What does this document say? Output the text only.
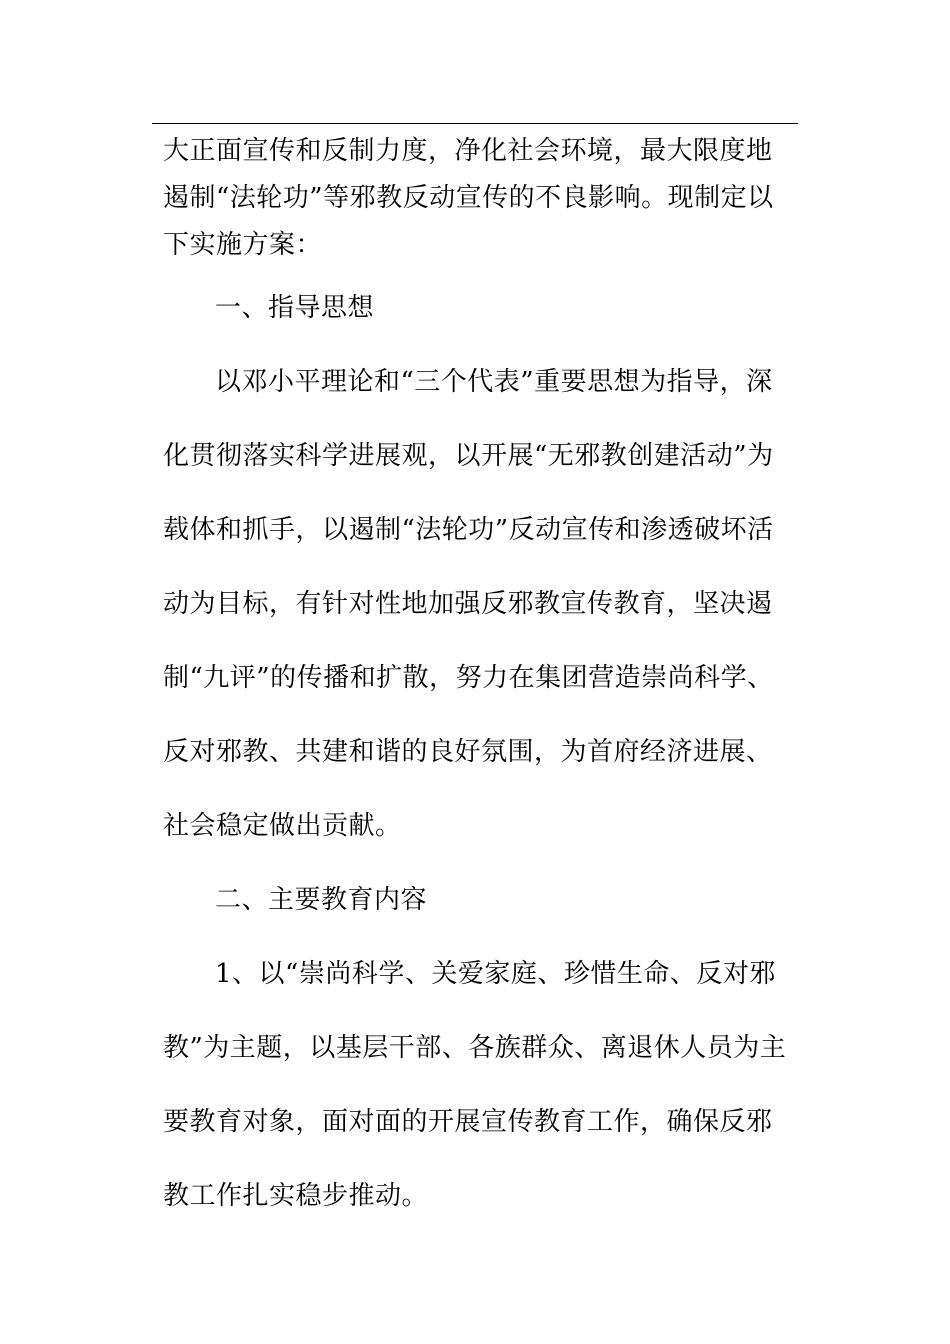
大正面宣传和反制力度，净化社会环境，最大限度地遏制“法轮功”等邪教反动宣传的不良影响。现制定以下实施方案：

一、指导思想

以邓小平理论和“三个代表”重要思想为指导，深化贯彻落实科学进展观，以开展“无邪教创建活动”为载体和抓手，以遏制“法轮功”反动宣传和渗透破坏活动为目标，有针对性地加强反邪教宣传教育，坚决遏制“九评”的传播和扩散，努力在集团营造崇尚科学、反对邪教、共建和谐的良好氛围，为首府经济进展、社会稳定做出贡献。

二、主要教育内容

1、以“崇尚科学、关爱家庭、珍惜生命、反对邪教”为主题，以基层干部、各族群众、离退休人员为主要教育对象，面对面的开展宣传教育工作，确保反邪教工作扎实稳步推动。
